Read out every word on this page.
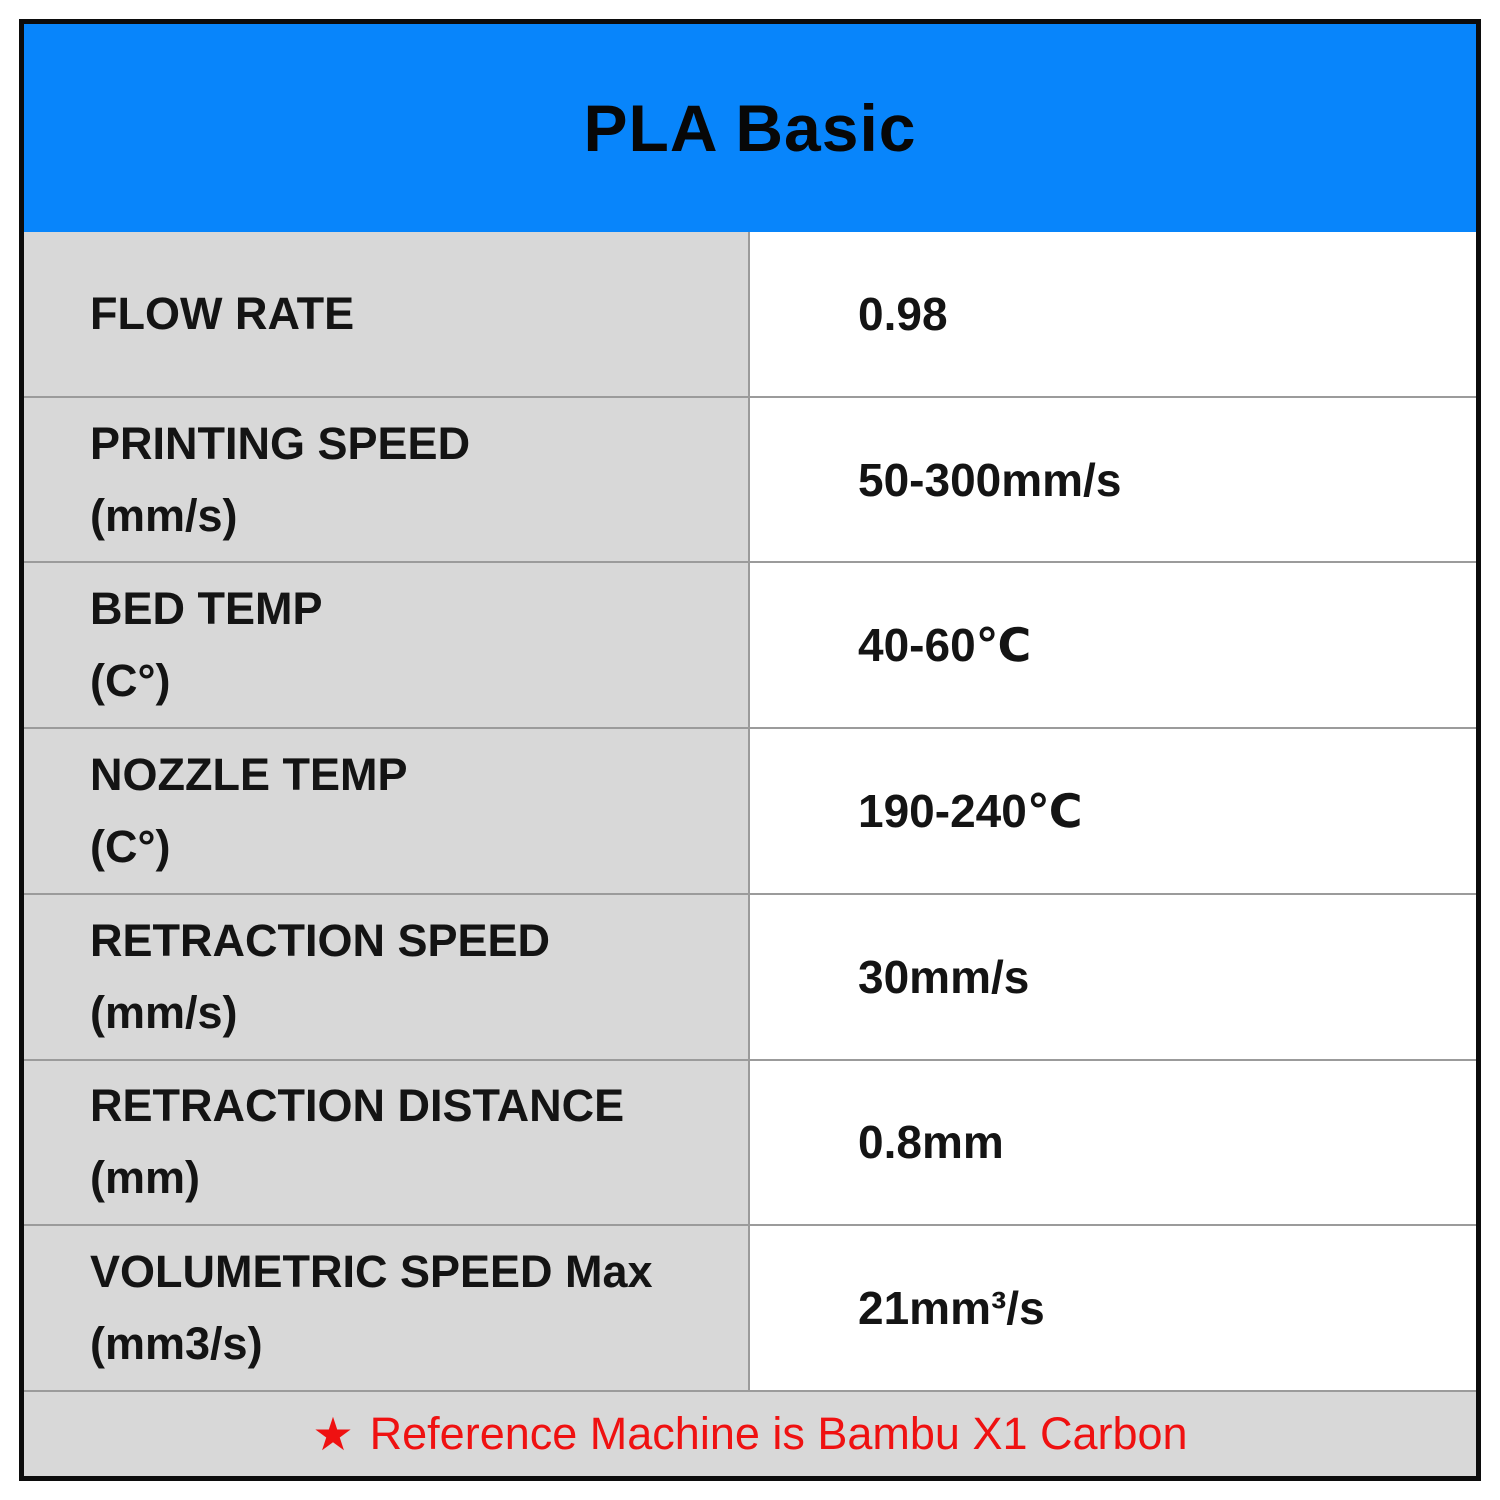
PLA Basic
FLOW RATE	0.98
PRINTING SPEED
(mm/s)
50-300mm/s
BED TEMP
(C°)
40-60℃
NOZZLE TEMP
(C°)
190-240℃
RETRACTION SPEED
(mm/s)
30mm/s
RETRACTION DISTANCE
(mm)
0.8mm
VOLUMETRIC SPEED Max
(mm3/s)
21mm³/s
★ Reference Machine is Bambu X1 Carbon
